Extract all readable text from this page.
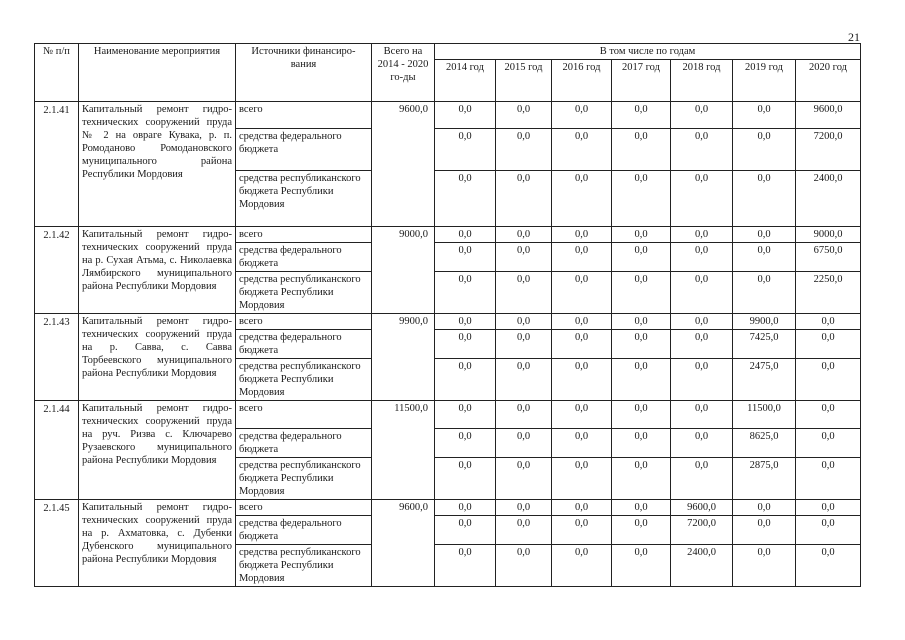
21
№ п/п	Наименование мероприятия	Источники финансиро-вания	Всего на 2014 - 2020 го-ды	В том числе по годам						
				2014 год	2015 год	2016 год	2017 год	2018 год	2019 год	2020 год
2.1.41	Капитальный ремонт гидро-технических сооружений пруда № 2 на овраге Кувака, р. п. Ромоданово Ромодановского муниципального района Республики Мордовия	всего	9600,0	0,0	0,0	0,0	0,0	0,0	0,0	9600,0
		средства федерального бюджета		0,0	0,0	0,0	0,0	0,0	0,0	7200,0
		средства республиканского бюджета Республики Мордовия		0,0	0,0	0,0	0,0	0,0	0,0	2400,0
2.1.42	Капитальный ремонт гидро-технических сооружений пруда на р. Сухая Атьма, с. Николаевка Лямбирского муниципального района Республики Мордовия	всего	9000,0	0,0	0,0	0,0	0,0	0,0	0,0	9000,0
		средства федерального бюджета		0,0	0,0	0,0	0,0	0,0	0,0	6750,0
		средства республиканского бюджета Республики Мордовия		0,0	0,0	0,0	0,0	0,0	0,0	2250,0
2.1.43	Капитальный ремонт гидро-технических сооружений пруда на р. Савва, с. Савва Торбеевского муниципального района Республики Мордовия	всего	9900,0	0,0	0,0	0,0	0,0	0,0	9900,0	0,0
		средства федерального бюджета		0,0	0,0	0,0	0,0	0,0	7425,0	0,0
		средства республиканского бюджета Республики Мордовия		0,0	0,0	0,0	0,0	0,0	2475,0	0,0
2.1.44	Капитальный ремонт гидро-технических сооружений пруда на руч. Ризва с. Ключарево Рузаевского муниципального района Республики Мордовия	всего	11500,0	0,0	0,0	0,0	0,0	0,0	11500,0	0,0
		средства федерального бюджета		0,0	0,0	0,0	0,0	0,0	8625,0	0,0
		средства республиканского бюджета Республики Мордовия		0,0	0,0	0,0	0,0	0,0	2875,0	0,0
2.1.45	Капитальный ремонт гидро-технических сооружений пруда на р. Ахматовка, с. Дубенки Дубенского муниципального района Республики Мордовия	всего	9600,0	0,0	0,0	0,0	0,0	9600,0	0,0	0,0
		средства федерального бюджета		0,0	0,0	0,0	0,0	7200,0	0,0	0,0
		средства республиканского бюджета Республики Мордовия		0,0	0,0	0,0	0,0	2400,0	0,0	0,0
